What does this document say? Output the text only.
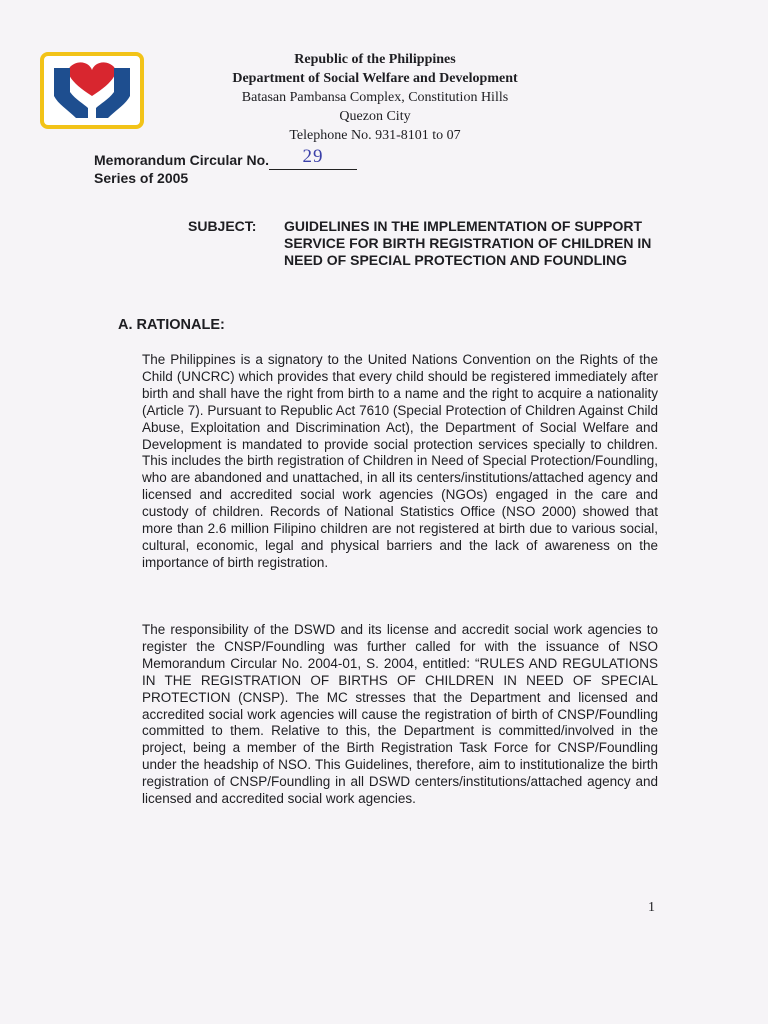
Republic of the Philippines
Department of Social Welfare and Development
Batasan Pambansa Complex, Constitution Hills
Quezon City
Telephone No. 931-8101 to 07
Memorandum Circular No. 29
Series of 2005
SUBJECT:	GUIDELINES IN THE IMPLEMENTATION OF SUPPORT SERVICE FOR BIRTH REGISTRATION OF CHILDREN IN NEED OF SPECIAL PROTECTION AND FOUNDLING
A. RATIONALE:

The Philippines is a signatory to the United Nations Convention on the Rights of the Child (UNCRC) which provides that every child should be registered immediately after birth and shall have the right from birth to a name and the right to acquire a nationality (Article 7). Pursuant to Republic Act 7610 (Special Protection of Children Against Child Abuse, Exploitation and Discrimination Act), the Department of Social Welfare and Development is mandated to provide social protection services specially to children. This includes the birth registration of Children in Need of Special Protection/Foundling, who are abandoned and unattached, in all its centers/institutions/attached agency and licensed and accredited social work agencies (NGOs) engaged in the care and custody of children. Records of National Statistics Office (NSO 2000) showed that more than 2.6 million Filipino children are not registered at birth due to various social, cultural, economic, legal and physical barriers and the lack of awareness on the importance of birth registration.

The responsibility of the DSWD and its license and accredit social work agencies to register the CNSP/Foundling was further called for with the issuance of NSO Memorandum Circular No. 2004-01, S. 2004, entitled: “RULES AND REGULATIONS IN THE REGISTRATION OF BIRTHS OF CHILDREN IN NEED OF SPECIAL PROTECTION (CNSP). The MC stresses that the Department and licensed and accredited social work agencies will cause the registration of birth of CNSP/Foundling committed to them. Relative to this, the Department is committed/involved in the project, being a member of the Birth Registration Task Force for CNSP/Foundling under the headship of NSO. This Guidelines, therefore, aim to institutionalize the birth registration of CNSP/Foundling in all DSWD centers/institutions/attached agency and licensed and accredited social work agencies.

1
